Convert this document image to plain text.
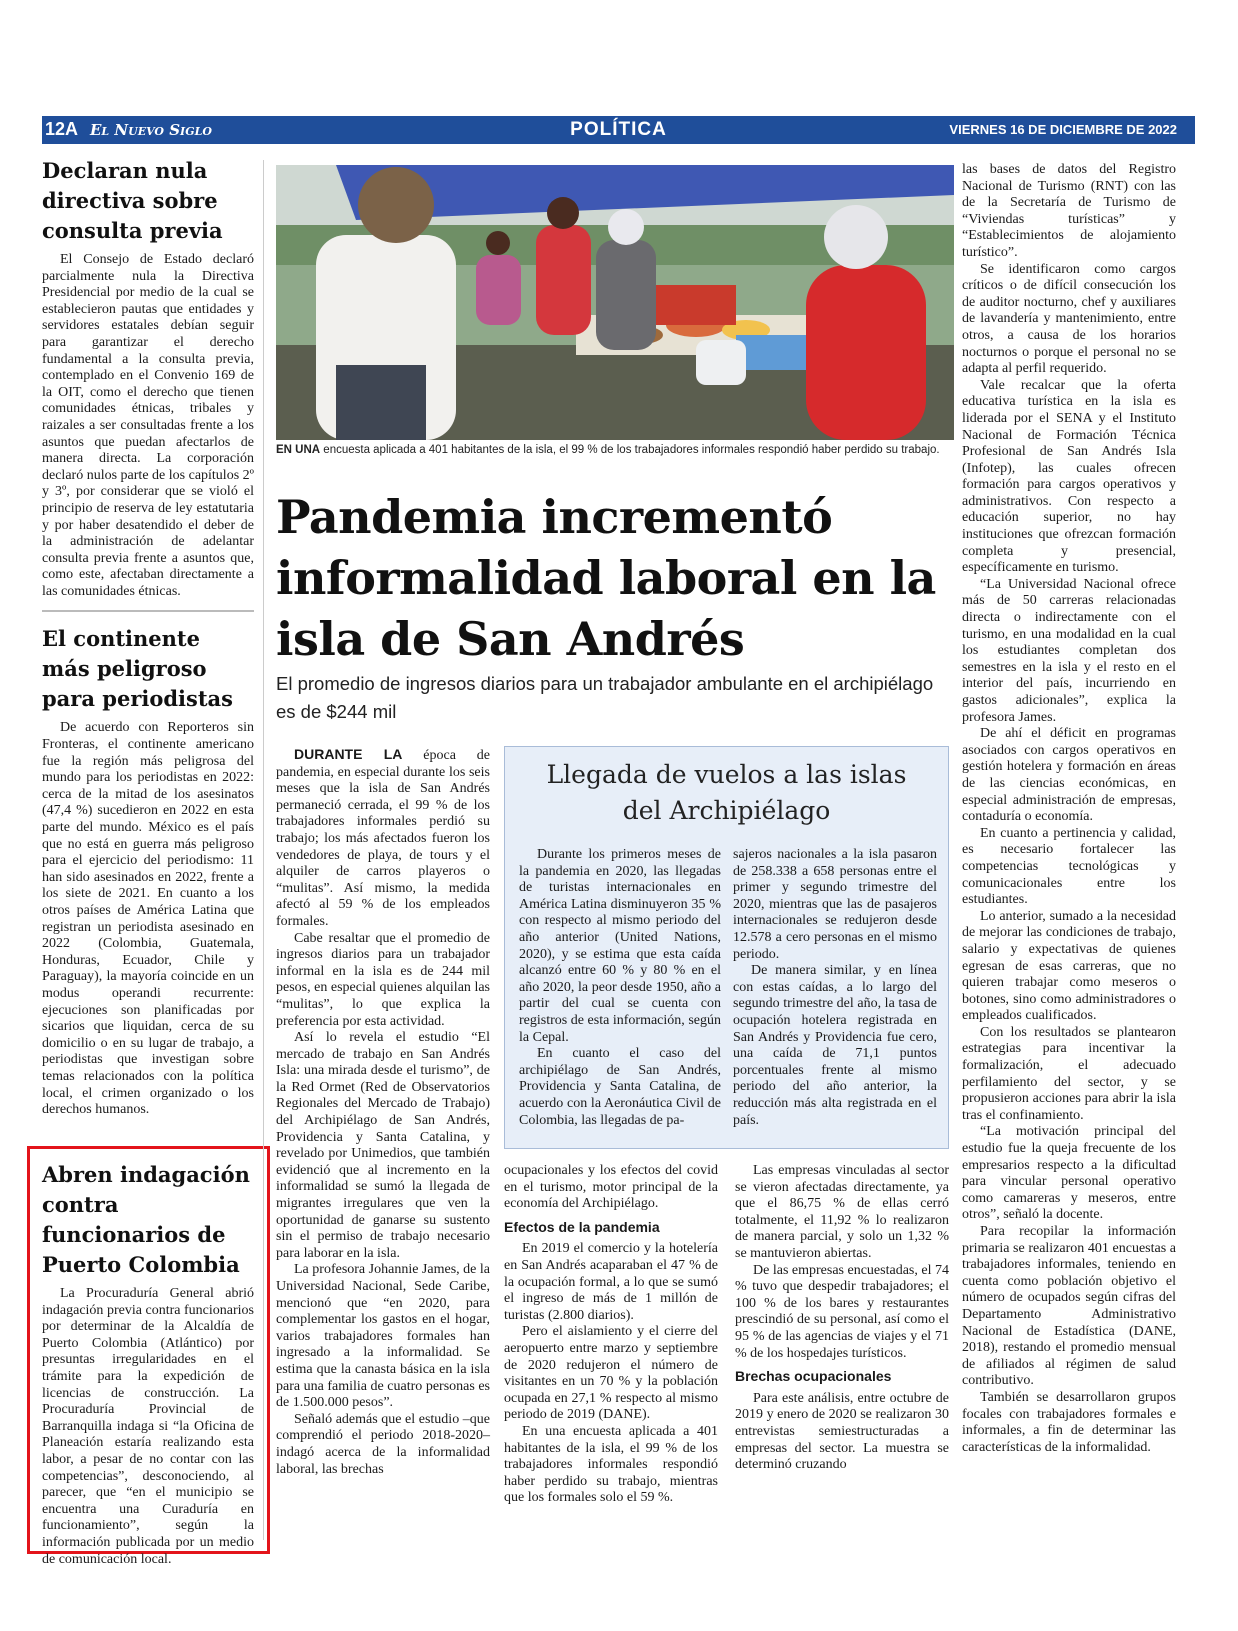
12A El Nuevo Siglo	POLÍTICA	VIERNES 16 DE DICIEMBRE DE 2022
Declaran nula directiva sobre consulta previa

El Consejo de Estado declaró parcialmente nula la Directiva Presidencial por medio de la cual se establecieron pautas que entidades y servidores estatales debían seguir para garantizar el derecho fundamental a la consulta previa, contemplado en el Convenio 169 de la OIT, como el derecho que tienen comunidades étnicas, tribales y raizales a ser consultadas frente a los asuntos que puedan afectarlos de manera directa. La corporación declaró nulos parte de los capítulos 2º y 3º, por considerar que se violó el principio de reserva de ley estatutaria y por haber desatendido el deber de la administración de adelantar consulta previa frente a asuntos que, como este, afectaban directamente a las comunidades étnicas.

El continente más peligroso para periodistas

De acuerdo con Reporteros sin Fronteras, el continente americano fue la región más peligrosa del mundo para los periodistas en 2022: cerca de la mitad de los asesinatos (47,4 %) sucedieron en 2022 en esta parte del mundo. México es el país que no está en guerra más peligroso para el ejercicio del periodismo: 11 han sido asesinados en 2022, frente a los siete de 2021. En cuanto a los otros países de América Latina que registran un periodista asesinado en 2022 (Colombia, Guatemala, Honduras, Ecuador, Chile y Paraguay), la mayoría coincide en un modus operandi recurrente: ejecuciones son planificadas por sicarios que liquidan, cerca de su domicilio o en su lugar de trabajo, a periodistas que investigan sobre temas relacionados con la política local, el crimen organizado o los derechos humanos.

Abren indagación contra funcionarios de Puerto Colombia

La Procuraduría General abrió indagación previa contra funcionarios por determinar de la Alcaldía de Puerto Colombia (Atlántico) por presuntas irregularidades en el trámite para la expedición de licencias de construcción. La Procuraduría Provincial de Barranquilla indaga si “la Oficina de Planeación estaría realizando esta labor, a pesar de no contar con las competencias”, desconociendo, al parecer, que “en el municipio se encuentra una Curaduría en funcionamiento”, según la información publicada por un medio de comunicación local.

EN UNA encuesta aplicada a 401 habitantes de la isla, el 99 % de los trabajadores informales respondió haber perdido su trabajo.
Pandemia incrementó informalidad laboral en la isla de San Andrés
El promedio de ingresos diarios para un trabajador ambulante en el archipiélago es de $244 mil

DURANTE LA época de pandemia, en especial durante los seis meses que la isla de San Andrés permaneció cerrada, el 99 % de los trabajadores informales perdió su trabajo; los más afectados fueron los vendedores de playa, de tours y el alquiler de carros playeros o “mulitas”. Así mismo, la medida afectó al 59 % de los empleados formales.

Cabe resaltar que el promedio de ingresos diarios para un trabajador informal en la isla es de 244 mil pesos, en especial quienes alquilan las “mulitas”, lo que explica la preferencia por esta actividad.

Así lo revela el estudio “El mercado de trabajo en San Andrés Isla: una mirada desde el turismo”, de la Red Ormet (Red de Observatorios Regionales del Mercado de Trabajo) del Archipiélago de San Andrés, Providencia y Santa Catalina, y revelado por Unimedios, que también evidenció que al incremento en la informalidad se sumó la llegada de migrantes irregulares que ven la oportunidad de ganarse su sustento sin el permiso de trabajo necesario para laborar en la isla.

La profesora Johannie James, de la Universidad Nacional, Sede Caribe, mencionó que “en 2020, para complementar los gastos en el hogar, varios trabajadores formales han ingresado a la informalidad. Se estima que la canasta básica en la isla para una familia de cuatro personas es de 1.500.000 pesos”.

Señaló además que el estudio –que comprendió el periodo 2018-2020– indagó acerca de la informalidad laboral, las brechas

Llegada de vuelos a las islas del Archipiélago

Durante los primeros meses de la pandemia en 2020, las llegadas de turistas internacionales en América Latina disminuyeron 35 % con respecto al mismo periodo del año anterior (United Nations, 2020), y se estima que esta caída alcanzó entre 60 % y 80 % en el año 2020, la peor desde 1950, año a partir del cual se cuenta con registros de esta información, según la Cepal.

En cuanto el caso del archipiélago de San Andrés, Providencia y Santa Catalina, de acuerdo con la Aeronáutica Civil de Colombia, las llegadas de pa-

sajeros nacionales a la isla pasaron de 258.338 a 658 personas entre el primer y segundo trimestre del 2020, mientras que las de pasajeros internacionales se redujeron desde 12.578 a cero personas en el mismo periodo.

De manera similar, y en línea con estas caídas, a lo largo del segundo trimestre del año, la tasa de ocupación hotelera registrada en San Andrés y Providencia fue cero, una caída de 71,1 puntos porcentuales frente al mismo periodo del año anterior, la reducción más alta registrada en el país.

ocupacionales y los efectos del covid en el turismo, motor principal de la economía del Archipiélago.

Efectos de la pandemia

En 2019 el comercio y la hotelería en San Andrés acaparaban el 47 % de la ocupación formal, a lo que se sumó el ingreso de más de 1 millón de turistas (2.800 diarios).

Pero el aislamiento y el cierre del aeropuerto entre marzo y septiembre de 2020 redujeron el número de visitantes en un 70 % y la población ocupada en 27,1 % respecto al mismo periodo de 2019 (DANE).

En una encuesta aplicada a 401 habitantes de la isla, el 99 % de los trabajadores informales respondió haber perdido su trabajo, mientras que los formales solo el 59 %.

Las empresas vinculadas al sector se vieron afectadas directamente, ya que el 86,75 % de ellas cerró totalmente, el 11,92 % lo realizaron de manera parcial, y solo un 1,32 % se mantuvieron abiertas.

De las empresas encuestadas, el 74 % tuvo que despedir trabajadores; el 100 % de los bares y restaurantes prescindió de su personal, así como el 95 % de las agencias de viajes y el 71 % de los hospedajes turísticos.

Brechas ocupacionales

Para este análisis, entre octubre de 2019 y enero de 2020 se realizaron 30 entrevistas semiestructuradas a empresas del sector. La muestra se determinó cruzando

las bases de datos del Registro Nacional de Turismo (RNT) con las de la Secretaría de Turismo de “Viviendas turísticas” y “Establecimientos de alojamiento turístico”.

Se identificaron como cargos críticos o de difícil consecución los de auditor nocturno, chef y auxiliares de lavandería y mantenimiento, entre otros, a causa de los horarios nocturnos o porque el personal no se adapta al perfil requerido.

Vale recalcar que la oferta educativa turística en la isla es liderada por el SENA y el Instituto Nacional de Formación Técnica Profesional de San Andrés Isla (Infotep), las cuales ofrecen formación para cargos operativos y administrativos. Con respecto a educación superior, no hay instituciones que ofrezcan formación completa y presencial, específicamente en turismo.

“La Universidad Nacional ofrece más de 50 carreras relacionadas directa o indirectamente con el turismo, en una modalidad en la cual los estudiantes completan dos semestres en la isla y el resto en el interior del país, incurriendo en gastos adicionales”, explica la profesora James.

De ahí el déficit en programas asociados con cargos operativos en gestión hotelera y formación en áreas de las ciencias económicas, en especial administración de empresas, contaduría o economía.

En cuanto a pertinencia y calidad, es necesario fortalecer las competencias tecnológicas y comunicacionales entre los estudiantes.

Lo anterior, sumado a la necesidad de mejorar las condiciones de trabajo, salario y expectativas de quienes egresan de esas carreras, que no quieren trabajar como meseros o botones, sino como administradores o empleados cualificados.

Con los resultados se plantearon estrategias para incentivar la formalización, el adecuado perfilamiento del sector, y se propusieron acciones para abrir la isla tras el confinamiento.

“La motivación principal del estudio fue la queja frecuente de los empresarios respecto a la dificultad para vincular personal operativo como camareras y meseros, entre otros”, señaló la docente.

Para recopilar la información primaria se realizaron 401 encuestas a trabajadores informales, teniendo en cuenta como población objetivo el número de ocupados según cifras del Departamento Administrativo Nacional de Estadística (DANE, 2018), restando el promedio mensual de afiliados al régimen de salud contributivo.

También se desarrollaron grupos focales con trabajadores formales e informales, a fin de determinar las características de la informalidad.
